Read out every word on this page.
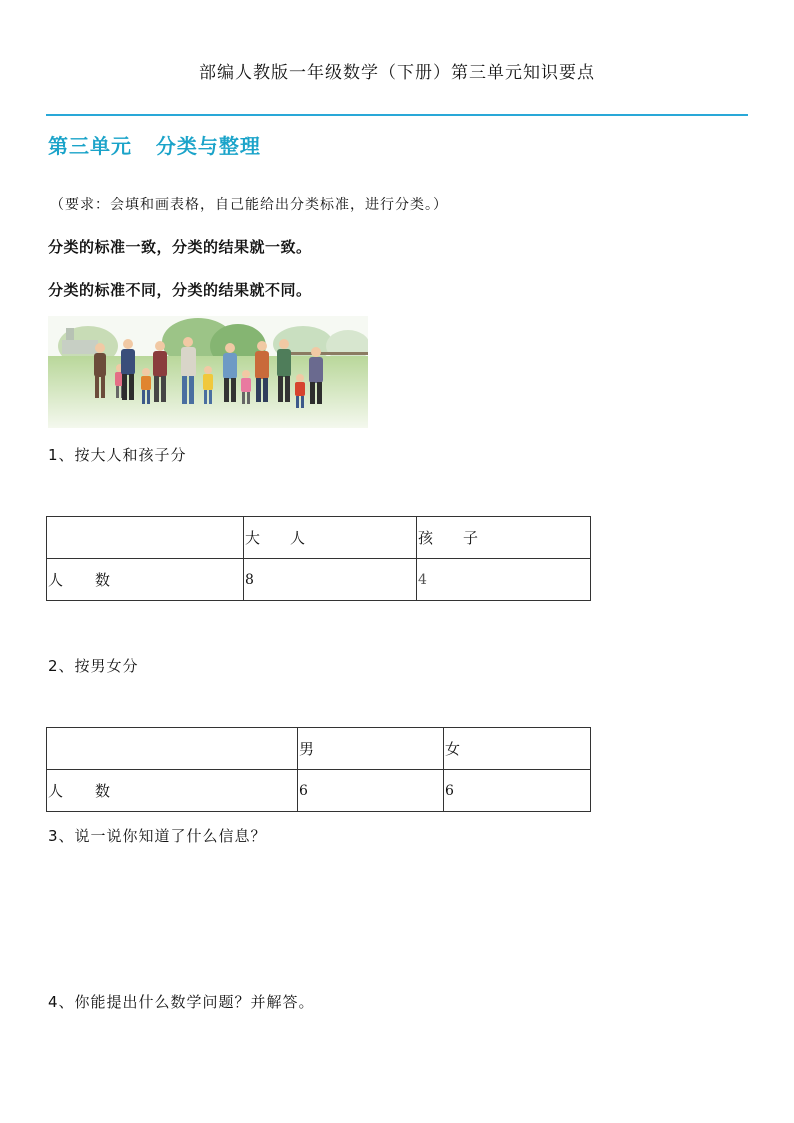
部编人教版一年级数学（下册）第三单元知识要点
第三单元   分类与整理
（要求：会填和画表格，自己能给出分类标准，进行分类。）
分类的标准一致，分类的结果就一致。
分类的标准不同，分类的结果就不同。
1、按大人和孩子分
	大人	孩子
人数	8	4
2、按男女分
	男	女
人数	6	6
3、说一说你知道了什么信息？
4、你能提出什么数学问题？并解答。
